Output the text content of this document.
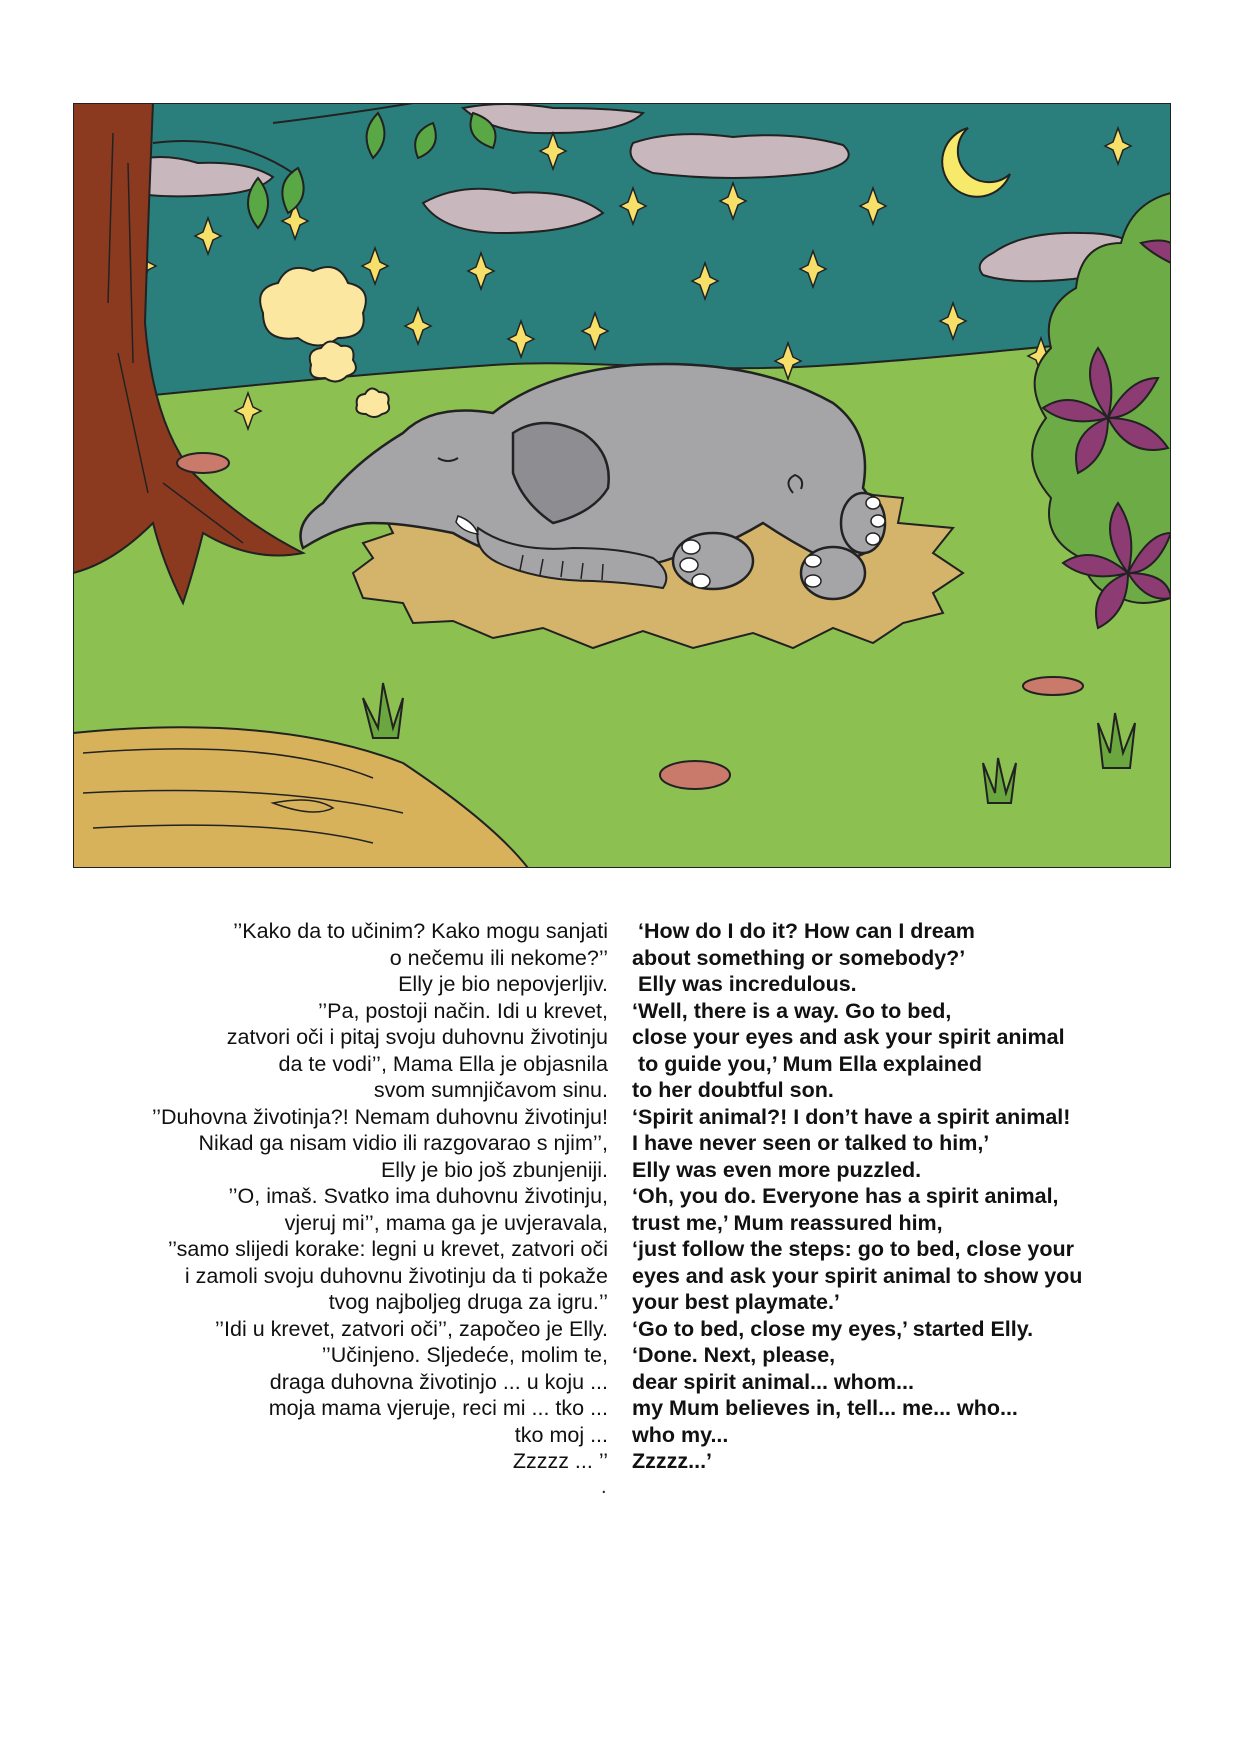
’’Kako da to učinim? Kako mogu sanjati
o nečemu ili nekome?’’
Elly je bio nepovjerljiv.
’’Pa, postoji način. Idi u krevet,
zatvori oči i pitaj svoju duhovnu životinju
da te vodi’’, Mama Ella je objasnila
svom sumnjičavom sinu.
’’Duhovna životinja?! Nemam duhovnu životinju!
Nikad ga nisam vidio ili razgovarao s njim’’,
Elly je bio još zbunjeniji.
’’O, imaš. Svatko ima duhovnu životinju,
vjeruj mi’’, mama ga je uvjeravala,
’’samo slijedi korake: legni u krevet, zatvori oči
i zamoli svoju duhovnu životinju da ti pokaže
tvog najboljeg druga za igru.’’
’’Idi u krevet, zatvori oči’’, započeo je Elly.
’’Učinjeno. Sljedeće, molim te,
draga duhovna životinjo ... u koju ...
moja mama vjeruje, reci mi ... tko ...
tko moj ...
Zzzzz ... ’’
‘How do I do it? How can I dream
about something or somebody?’
Elly was incredulous.
‘Well, there is a way. Go to bed,
close your eyes and ask your spirit animal
to guide you,’ Mum Ella explained
to her doubtful son.
‘Spirit animal?! I don’t have a spirit animal!
I have never seen or talked to him,’
Elly was even more puzzled.
‘Oh, you do. Everyone has a spirit animal,
trust me,’ Mum reassured him,
‘just follow the steps: go to bed, close your
eyes and ask your spirit animal to show you
your best playmate.’
‘Go to bed, close my eyes,’ started Elly.
‘Done. Next, please,
dear spirit animal... whom...
my Mum believes in, tell... me... who...
who my...
Zzzzz...’
.
